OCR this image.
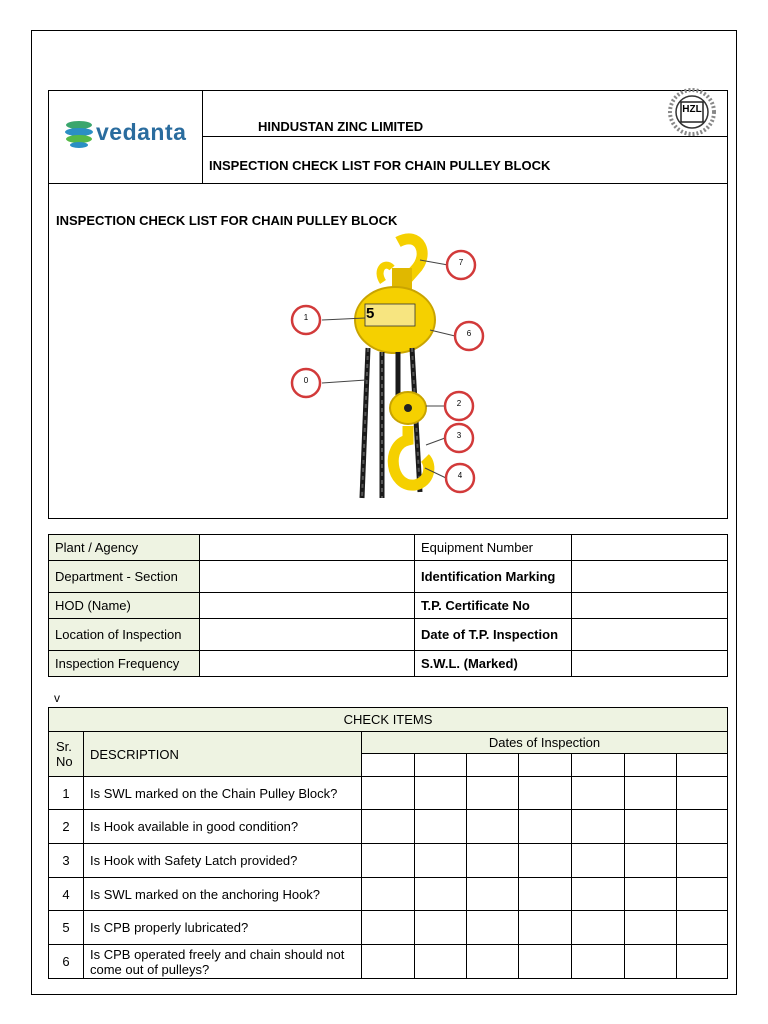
vedanta	HINDUSTAN ZINC LIMITED
INSPECTION CHECK LIST FOR CHAIN PULLEY BLOCK
HZL
INSPECTION CHECK LIST FOR CHAIN PULLEY BLOCK
5
7
1
6
0
2
3
4
Plant / Agency	Equipment Number
Department - Section	Identification Marking
HOD (Name)	T.P. Certificate No
Location of Inspection	Date of T.P. Inspection
Inspection Frequency	S.W.L. (Marked)
v
CHECK ITEMS
Sr. No	DESCRIPTION
Dates of Inspection
1	Is SWL marked on the Chain Pulley Block?
2	Is Hook available in good condition?
3	Is Hook with Safety Latch provided?
4	Is SWL marked on the anchoring Hook?
5	Is CPB properly lubricated?
6	Is CPB operated freely and chain should not come out of pulleys?
